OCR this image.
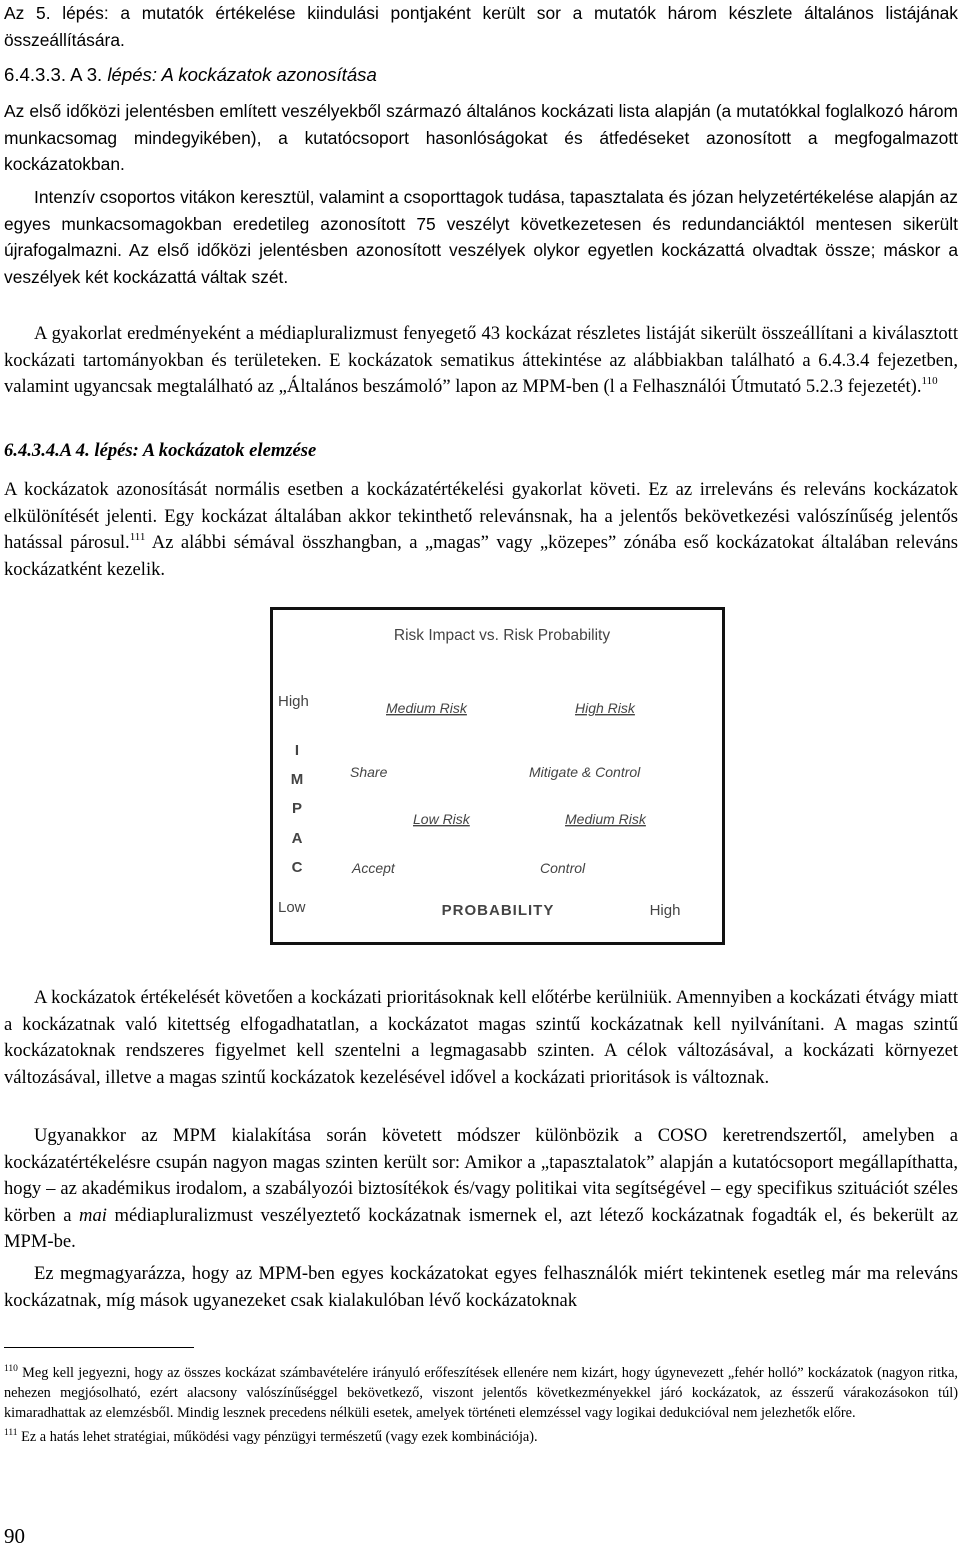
Az 5. lépés: a mutatók értékelése kiindulási pontjaként került sor a mutatók három készlete általános listájának összeállítására.

6.4.3.3. A 3. lépés: A kockázatok azonosítása

Az első időközi jelentésben említett veszélyekből származó általános kockázati lista alapján (a mutatókkal foglalkozó három munkacsomag mindegyikében), a kutatócsoport hasonlóságokat és átfedéseket azonosított a megfogalmazott kockázatokban.

Intenzív csoportos vitákon keresztül, valamint a csoporttagok tudása, tapasztalata és józan helyzetértékelése alapján az egyes munkacsomagokban eredetileg azonosított 75 veszélyt következetesen és redundanciáktól mentesen sikerült újrafogalmazni. Az első időközi jelentésben azonosított veszélyek olykor egyetlen kockázattá olvadtak össze; máskor a veszélyek két kockázattá váltak szét.

A gyakorlat eredményeként a médiapluralizmust fenyegető 43 kockázat részletes listáját sikerült összeállítani a kiválasztott kockázati tartományokban és területeken. E kockázatok sematikus áttekintése az alábbiakban található a 6.4.3.4 fejezetben, valamint ugyancsak megtalálható az „Általános beszámoló” lapon az MPM-ben (l a Felhasználói Útmutató 5.2.3 fejezetét).$^{110}$

6.4.3.4.A 4. lépés: A kockázatok elemzése

A kockázatok azonosítását normális esetben a kockázatértékelési gyakorlat követi. Ez az irreleváns és releváns kockázatok elkülönítését jelenti. Egy kockázat általában akkor tekinthető relevánsnak, ha a jelentős bekövetkezési valószínűség jelentős hatással párosul.$^{111}$ Az alábbi sémával összhangban, a „magas” vagy „közepes” zónába eső kockázatokat általában releváns kockázatként kezelik.

Risk Impact vs. Risk Probability
High
I
M
P
A
C
Low	PROBABILITY	High
Medium Risk	High Risk
Share	Mitigate & Control
Low Risk	Medium Risk
Accept	Control

A kockázatok értékelését követően a kockázati prioritásoknak kell előtérbe kerülniük. Amennyiben a kockázati étvágy miatt a kockázatnak való kitettség elfogadhatatlan, a kockázatot magas szintű kockázatnak kell nyilvánítani. A magas szintű kockázatoknak rendszeres figyelmet kell szentelni a legmagasabb szinten. A célok változásával, a kockázati környezet változásával, illetve a magas szintű kockázatok kezelésével idővel a kockázati prioritások is változnak.

Ugyanakkor az MPM kialakítása során követett módszer különbözik a COSO keretrendszertől, amelyben a kockázatértékelésre csupán nagyon magas szinten került sor: Amikor a „tapasztalatok” alapján a kutatócsoport megállapíthatta, hogy – az akadémikus irodalom, a szabályozói biztosítékok és/vagy politikai vita segítségével – egy specifikus szituációt széles körben a mai médiapluralizmust veszélyeztető kockázatnak ismernek el, azt létező kockázatnak fogadták el, és bekerült az MPM-be.

Ez megmagyarázza, hogy az MPM-ben egyes kockázatokat egyes felhasználók miért tekintenek esetleg már ma releváns kockázatnak, míg mások ugyanezeket csak kialakulóban lévő kockázatoknak

$^{110}$ Meg kell jegyezni, hogy az összes kockázat számbavételére irányuló erőfeszítések ellenére nem kizárt, hogy úgynevezett „fehér holló” kockázatok (nagyon ritka, nehezen megjósolható, ezért alacsony valószínűséggel bekövetkező, viszont jelentős következményekkel járó kockázatok, az ésszerű várakozásokon túl) kimaradhattak az elemzésből. Mindig lesznek precedens nélküli esetek, amelyek történeti elemzéssel vagy logikai dedukcióval nem jelezhetők előre.

$^{111}$ Ez a hatás lehet stratégiai, működési vagy pénzügyi természetű (vagy ezek kombinációja).

90
